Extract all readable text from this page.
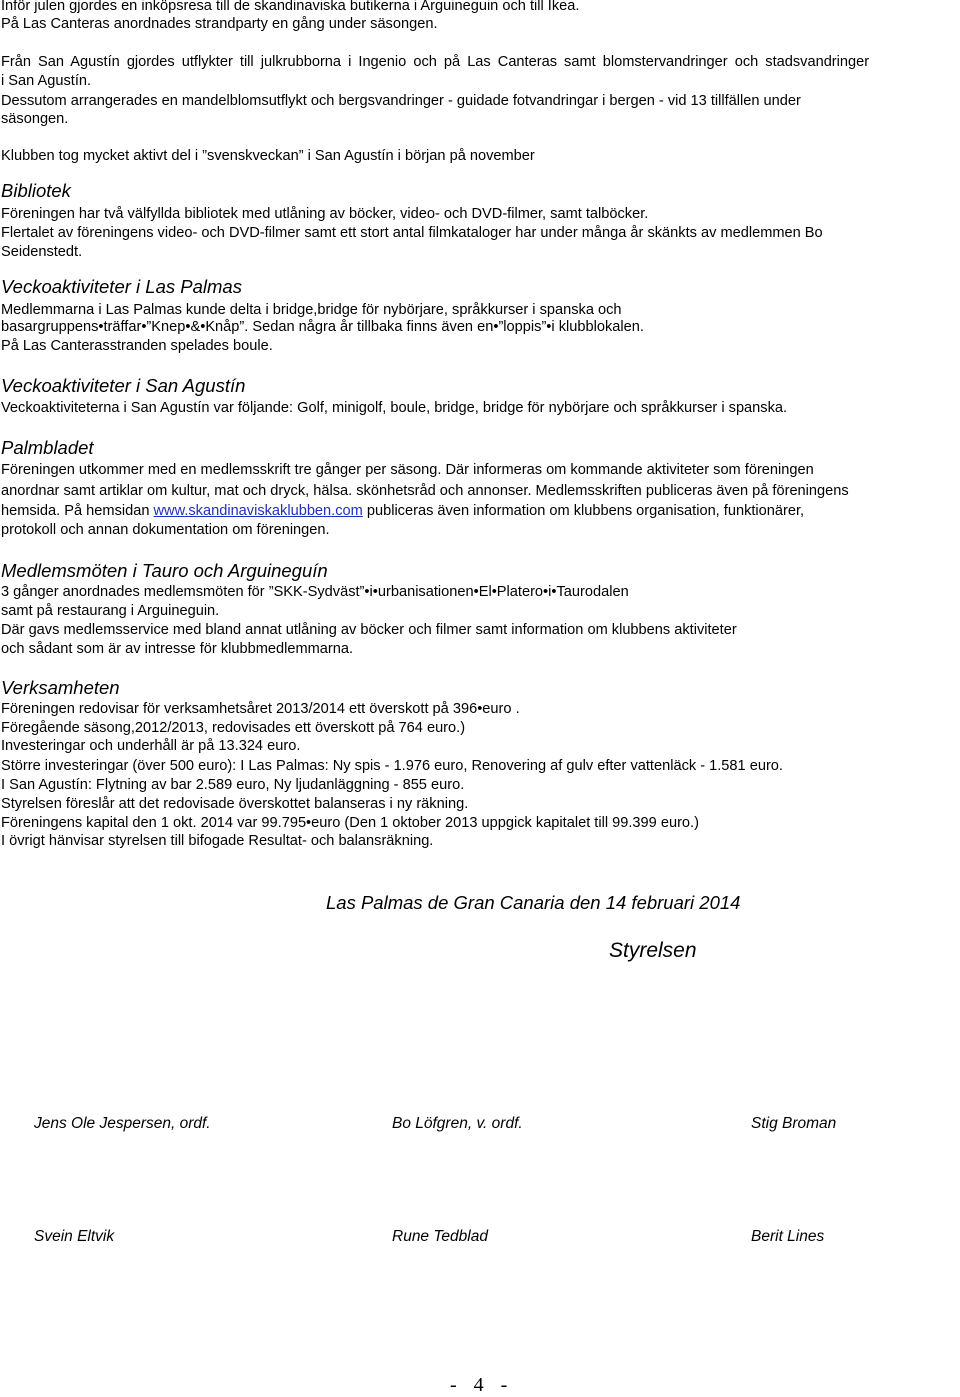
Inför julen gjordes en inköpsresa till de skandinaviska butikerna i Arguineguin och till Ikea.
På Las Canteras anordnades strandparty en gång under säsongen.
Från San Agustín gjordes utflykter till julkrubborna i Ingenio och på Las Canteras samt blomstervandringer och stadsvandringer
i San Agustín.
Dessutom arrangerades en mandelblomsutflykt och bergsvandringer - guidade fotvandringar i bergen - vid 13 tillfällen under
säsongen.
Klubben tog mycket aktivt del i ”svenskveckan” i San Agustín i början på november
Bibliotek
Föreningen har två välfyllda bibliotek med utlåning av böcker, video- och DVD-filmer, samt talböcker.
Flertalet av föreningens video- och DVD-filmer samt ett stort antal filmkataloger har under många år skänkts av medlemmen Bo
Seidenstedt.
Veckoaktiviteter i Las Palmas
Medlemmarna i Las Palmas kunde delta i bridge,bridge för nybörjare, språkkurser i spanska och
basargruppens•träffar•”Knep•&•Knåp”. Sedan några år tillbaka finns även en•”loppis”•i klubblokalen.
På Las Canterasstranden spelades boule.
Veckoaktiviteter i San Agustín
Veckoaktiviteterna i San Agustín var följande: Golf, minigolf, boule, bridge, bridge för nybörjare och språkkurser i spanska.
Palmbladet
Föreningen utkommer med en medlemsskrift tre gånger per säsong. Där informeras om kommande aktiviteter som föreningen
anordnar samt artiklar om kultur, mat och dryck, hälsa. skönhetsråd och annonser. Medlemsskriften publiceras även på föreningens
hemsida. På hemsidan www.skandinaviskaklubben.com publiceras även information om klubbens organisation, funktionärer,
protokoll och annan dokumentation om föreningen.
Medlemsmöten i Tauro och Arguineguín
3 gånger anordnades medlemsmöten för ”SKK-Sydväst”•i•urbanisationen•El•Platero•i•Taurodalen
samt på restaurang i Arguineguin.
Där gavs medlemsservice med bland annat utlåning av böcker och filmer samt information om klubbens aktiviteter
och sådant som är av intresse för klubbmedlemmarna.
Verksamheten
Föreningen redovisar för verksamhetsåret 2013/2014 ett överskott på 396•euro .
Föregående säsong,2012/2013, redovisades ett överskott på 764 euro.)
Investeringar och underhåll är på 13.324 euro.
Större investeringar (över 500 euro): I Las Palmas: Ny spis - 1.976 euro, Renovering af gulv efter vattenläck - 1.581 euro.
I San Agustín: Flytning av bar 2.589 euro, Ny ljudanläggning - 855 euro.
Styrelsen föreslår att det redovisade överskottet balanseras i ny räkning.
Föreningens kapital den 1 okt. 2014 var 99.795•euro (Den 1 oktober 2013 uppgick kapitalet till 99.399 euro.)
I övrigt hänvisar styrelsen till bifogade Resultat- och balansräkning.
Las Palmas de Gran Canaria den 14 februari 2014
Styrelsen
Jens Ole Jespersen, ordf.	Bo Löfgren, v. ordf.	Stig Broman
Svein Eltvik	Rune Tedblad	Berit Lines
- 4 -
